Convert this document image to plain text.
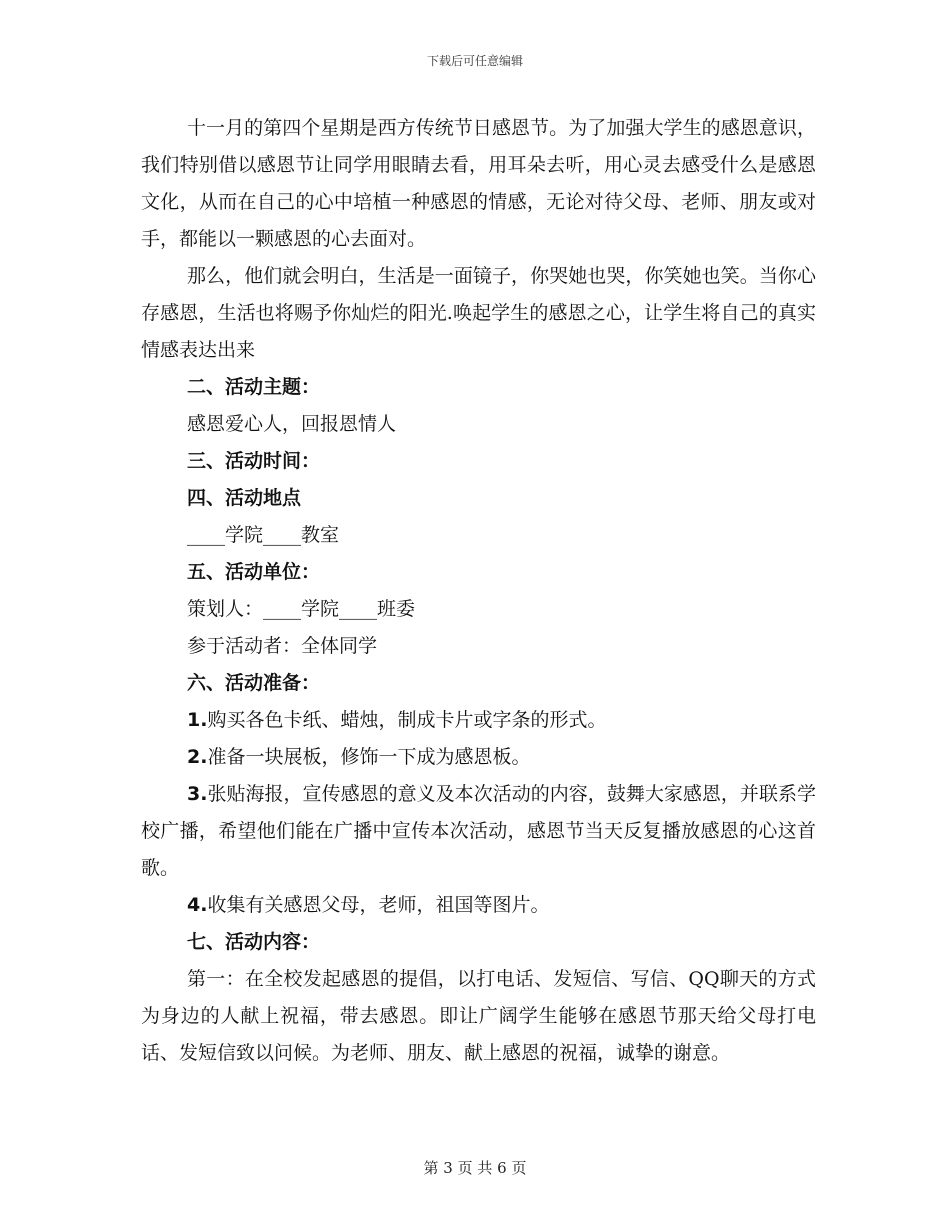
下载后可任意编辑

十一月的第四个星期是西方传统节日感恩节。为了加强大学生的感恩意识，我们特别借以感恩节让同学用眼睛去看，用耳朵去听，用心灵去感受什么是感恩文化，从而在自己的心中培植一种感恩的情感，无论对待父母、老师、朋友或对手，都能以一颗感恩的心去面对。

那么，他们就会明白，生活是一面镜子，你哭她也哭，你笑她也笑。当你心存感恩，生活也将赐予你灿烂的阳光.唤起学生的感恩之心，让学生将自己的真实情感表达出来

二、活动主题：

感恩爱心人，回报恩情人

三、活动时间：

四、活动地点

____学院____教室

五、活动单位：

策划人：____学院____班委

参于活动者：全体同学

六、活动准备：

1.购买各色卡纸、蜡烛，制成卡片或字条的形式。

2.准备一块展板，修饰一下成为感恩板。

3.张贴海报，宣传感恩的意义及本次活动的内容，鼓舞大家感恩，并联系学校广播，希望他们能在广播中宣传本次活动，感恩节当天反复播放感恩的心这首歌。

4.收集有关感恩父母，老师，祖国等图片。

七、活动内容：

第一：在全校发起感恩的提倡，以打电话、发短信、写信、QQ聊天的方式为身边的人献上祝福，带去感恩。即让广阔学生能够在感恩节那天给父母打电话、发短信致以问候。为老师、朋友、献上感恩的祝福，诚挚的谢意。

第 3 页 共 6 页
